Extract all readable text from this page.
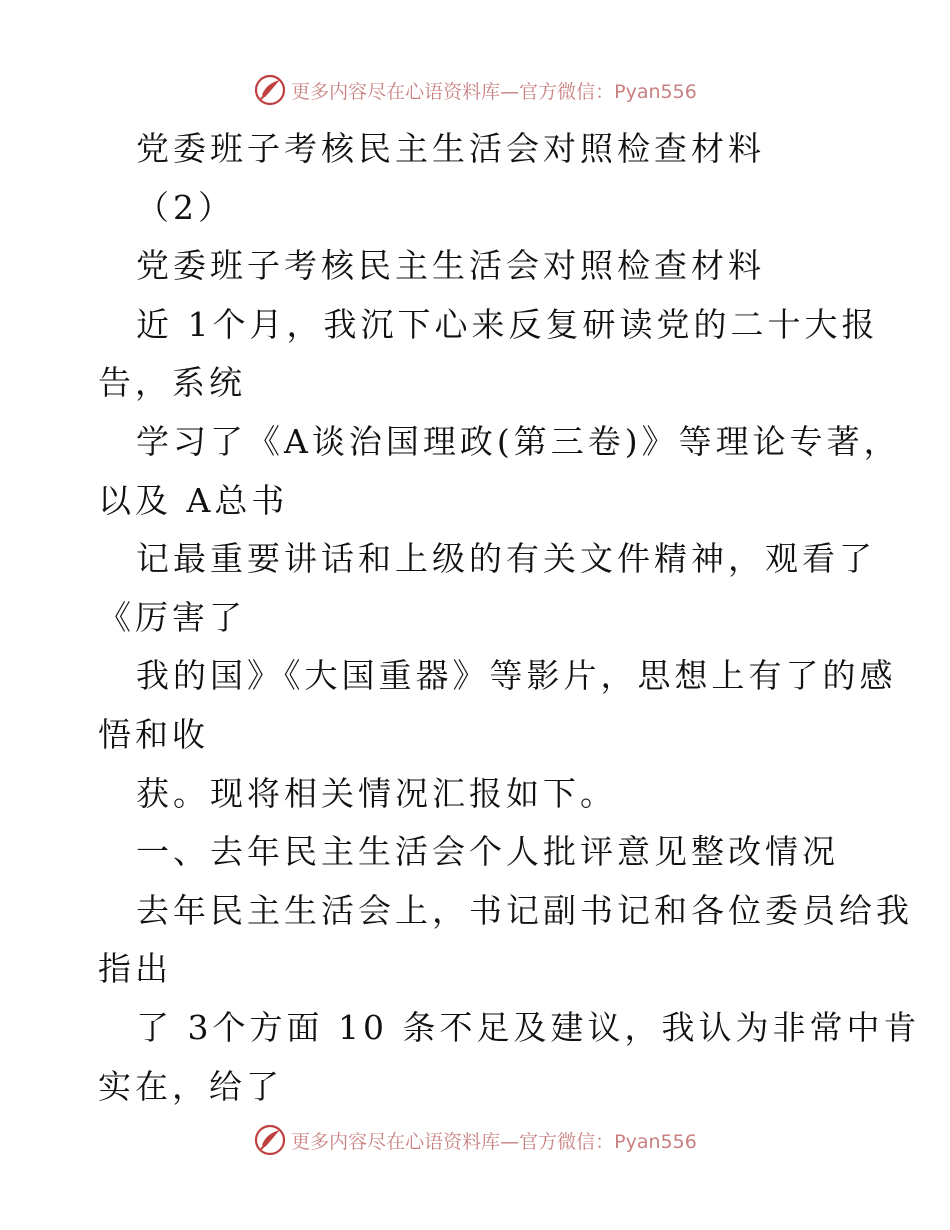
更多内容尽在心语资料库—官方微信：Pyan556
党委班子考核民主生活会对照检查材料
（2）
党委班子考核民主生活会对照检查材料
近 1个月，我沉下心来反复研读党的二十大报
告，系统
学习了《A谈治国理政(第三卷)》等理论专著，
以及 A总书
记最重要讲话和上级的有关文件精神，观看了
《厉害了
我的国》《大国重器》等影片，思想上有了的感
悟和收
获。现将相关情况汇报如下。
一、去年民主生活会个人批评意见整改情况
去年民主生活会上，书记副书记和各位委员给我
指出
了 3个方面 10 条不足及建议，我认为非常中肯
实在，给了
更多内容尽在心语资料库—官方微信：Pyan556
